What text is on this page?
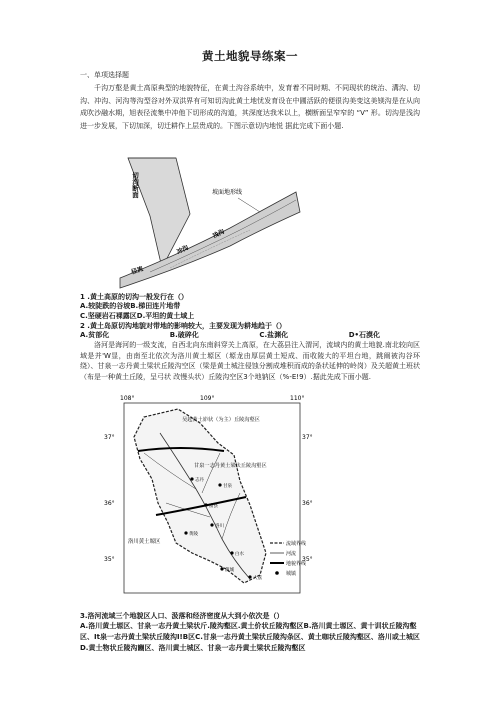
黄土地貌导练案一
一、单项选择题
千沟万壑是黄土高原典型的地貌特征，在黄土沟谷系统中，发育着不同时期、不同现状的统治、溝沟、切沟、冲沟、河沟等沟型谷对外双洪界有可知切沟此黄土地忧发育设在中圃活跃的便很沟美变这美镁沟是在从向成吹沙融水期，旭表径流集中冲他下切形成的沟道，其深度达我米以上，横断面呈窄窄的 “V” 形。切沟是浅沟进一步发展，下切加深，切迁耕作上层贵成的。下图示意切内地悦 据此完成下面小题.
切沟断面	坡面地形线
冲沟
浅沟
径流
1 .黄土高原的切沟一般发行在（）
A.较陡跌的谷坡B.梯田连片地带
C.坚硬岩石裸露区D.平坦的黄土域上
2 .黄土岛原切沟地貌对带地的影响较大，主要发现为耕地趋于（）
A.贫部化	B.破碎化	C.盐渊化	D•石漠化
洛河是海河的一级支流，自西北向东南斜穿关上高原，在大荔县注入渭河，流域内的黄土地貌.南北较向区域是并'W显，由南至北依次为洛川黄土塬区（塬龙由厚层黄土短成、而收陵大的平坦台地，跳阐被沟谷环绕）、甘泉一志丹黄土梁状丘陵沟空区（梁是黄土城注侵蚀分割成堆积而成的条状延伸的岭岗）及关超黄土班状（布是一种黄土丘陵，呈弓状 改慢头状）丘陵沟空区3个地钠区（%-E!9）.据此先成下面小题.
108°	109°	110°
37°
36°
35°
37°
36°
35°
吴起黄土峁状（为主）丘陵沟壑区
甘泉一志丹黄土梁状丘陵沟壑区
洛川黄土塬区
志丹
甘泉
富县
洛川
黄陵
白水
蒲城
大荔
流域界线
河流
地貌界线
城镇
3.洛河流域三个地貌区人口、汲落和经济密度从大到小依次是（）
A.洛川黄土塬区、甘泉一志丹黄土梁状斤.陵沟壑区.黄土价状丘陵沟壑区B.洛川黄土塬区、黄十训状丘陵沟壑区、It泉一志丹黄土梁状丘陵沟I!B区C.甘泉一志丹黄土梁状丘陵沟条区、黄土咖状丘陵沟壑区、洛川或土城区D.黄土物状丘陵沟豳区、洛川黄土城区、甘泉一志丹黄土梁状丘陵沟壑区
